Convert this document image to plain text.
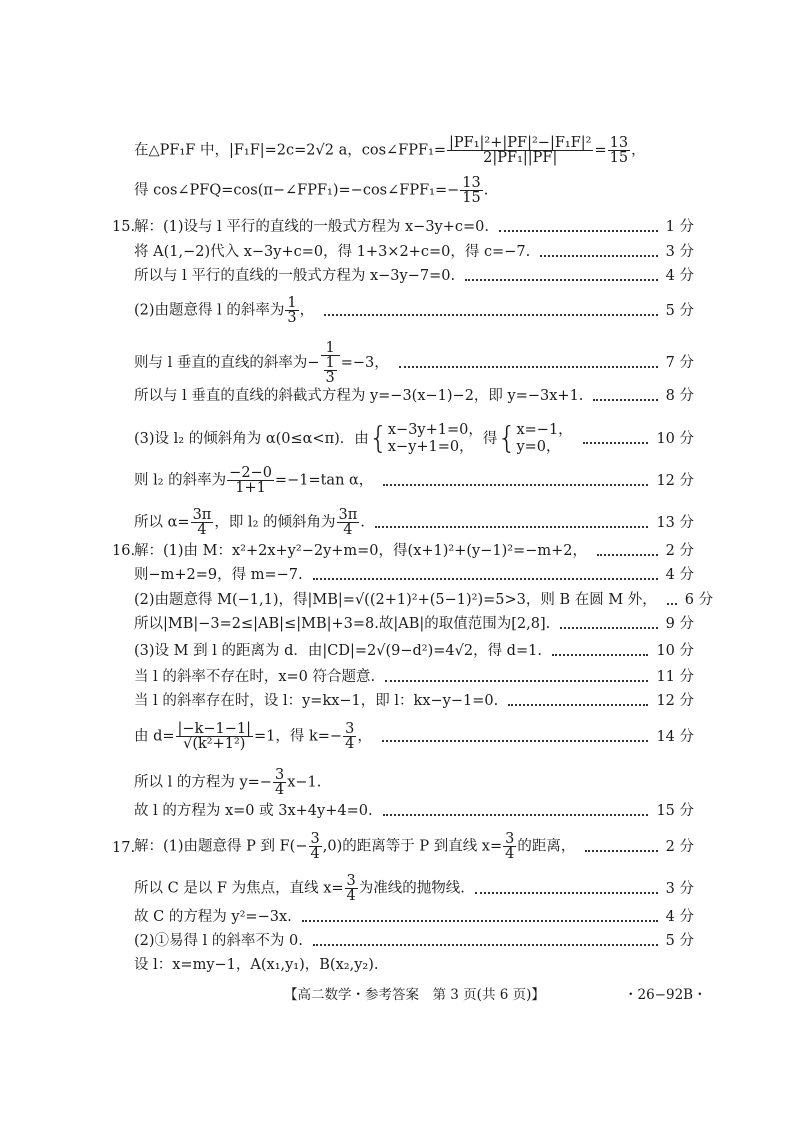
在△PF₁F 中，|F₁F|=2c=2√2 a，cos∠FPF₁= $\frac{\text{|PF₁|²+|PF|²−|F₁F|²}}{\text{2|PF₁||PF|}} = \frac{13}{15}$ ，
得 cos∠PFQ=cos(π−∠FPF₁)=−cos∠FPF₁=− $\frac{13}{15}$ .
15.
解：(1)设与 l 平行的直线的一般式方程为 x−3y+c=0.	1 分
将 A(1,−2)代入 x−3y+c=0，得 1+3×2+c=0，得 c=−7.	3 分
所以与 l 平行的直线的一般式方程为 x−3y−7=0.	4 分
(2)由题意得 l 的斜率为 $\frac{1}{3}$ ，	5 分
则与 l 垂直的直线的斜率为− $\frac{1}{\frac{1}{3}} =-3$，	7 分
所以与 l 垂直的直线的斜截式方程为 y=−3(x−1)−2，即 y=−3x+1.	8 分
(3)设 l₂ 的倾斜角为 α(0≤α<π)．由{ x−3y+1=0，
x−y+1=0， 得{ x=−1，
y=0，	10 分
则 l₂ 的斜率为 $\frac{-2-0}{1+1} =-1=\tan$ α，	12 分
所以 $\alpha= \frac{3\pi}{4}$ ，即 l₂ 的倾斜角为 $\frac{3\pi}{4}$ .	13 分
16.
解：(1)由 M：x²+2x+y²−2y+m=0，得(x+1)²+(y−1)²=−m+2，	2 分
则−m+2=9，得 m=−7.	4 分
(2)由题意得 M(−1,1)，得|MB|=√((2+1)²+(5−1)²)=5>3，则 B 在圆 M 外， 6 分
所以|MB|−3=2≤|AB|≤|MB|+3=8.故|AB|的取值范围为[2,8].	9 分
(3)设 M 到 l 的距离为 d．由|CD|=2√(9−d²)=4√2，得 d=1.	10 分
当 l 的斜率不存在时，x=0 符合题意.	11 分
当 l 的斜率存在时，设 l：y=kx−1，即 l：kx−y−1=0.	12 分
由 $d= \frac{|-k-1-1|}{\text{√(k²+1²)}} =1$，得 $k=- \frac{3}{4}$ ，	14 分
所以 l 的方程为 $y=- \frac{3}{4} x-1$.
故 l 的方程为 x=0 或 3x+4y+4=0.	15 分
17.
解：(1)由题意得 P 到 $F(- \frac{3}{4} ,0)$的距离等于 P 到直线 $x= \frac{3}{4}$ 的距离，	2 分
所以 C 是以 F 为焦点，直线 $x= \frac{3}{4}$ 为准线的抛物线.	3 分
故 C 的方程为 y²=−3x.	4 分
(2)①易得 l 的斜率不为 0.	5 分
设 l：x=my−1，A(x₁,y₁)，B(x₂,y₂).
【高二数学・参考答案　第 3 页(共 6 页)】	・26−92B・
